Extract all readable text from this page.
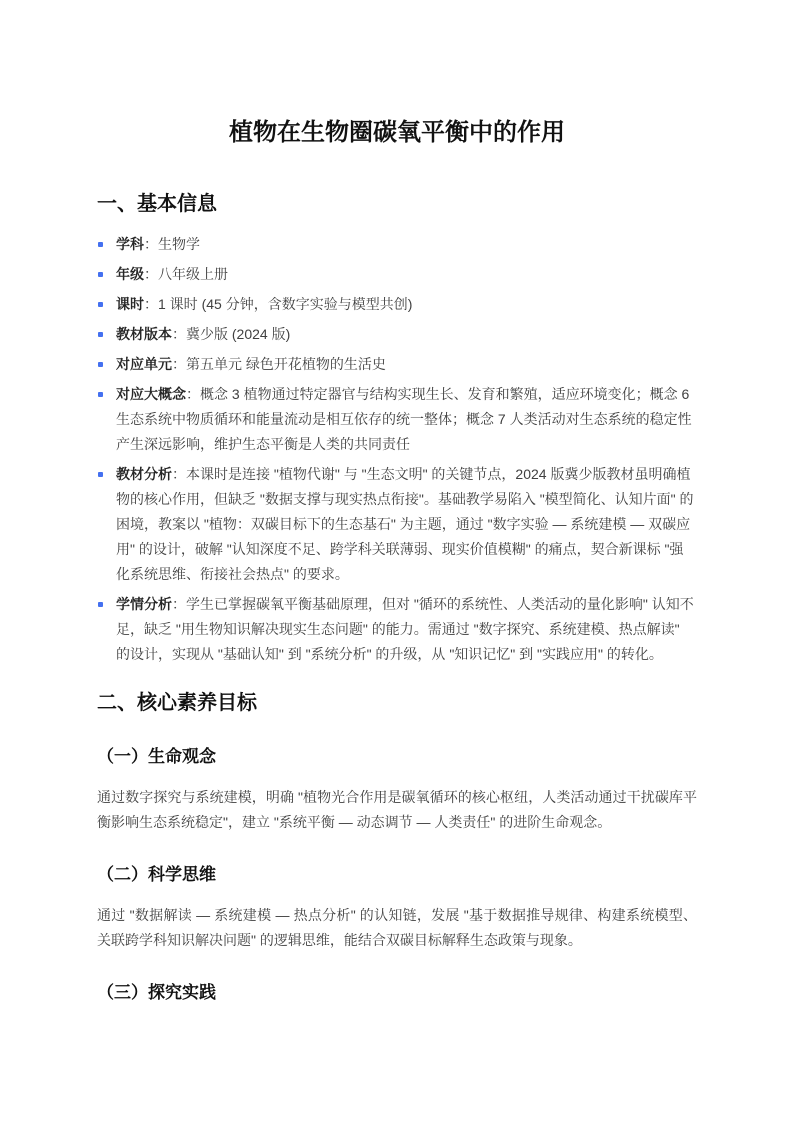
植物在生物圈碳氧平衡中的作用
一、基本信息
学科：生物学
年级：八年级上册
课时：1 课时 (45 分钟，含数字实验与模型共创)
教材版本：冀少版 (2024 版)
对应单元：第五单元 绿色开花植物的生活史
对应大概念：概念 3 植物通过特定器官与结构实现生长、发育和繁殖，适应环境变化；概念 6 生态系统中物质循环和能量流动是相互依存的统一整体；概念 7 人类活动对生态系统的稳定性产生深远影响，维护生态平衡是人类的共同责任
教材分析：本课时是连接 "植物代谢" 与 "生态文明" 的关键节点，2024 版冀少版教材虽明确植物的核心作用，但缺乏 "数据支撑与现实热点衔接"。基础教学易陷入 "模型简化、认知片面" 的困境，教案以 "植物：双碳目标下的生态基石" 为主题，通过 "数字实验 — 系统建模 — 双碳应用" 的设计，破解 "认知深度不足、跨学科关联薄弱、现实价值模糊" 的痛点，契合新课标 "强化系统思维、衔接社会热点" 的要求。
学情分析：学生已掌握碳氧平衡基础原理，但对 "循环的系统性、人类活动的量化影响" 认知不足，缺乏 "用生物知识解决现实生态问题" 的能力。需通过 "数字探究、系统建模、热点解读" 的设计，实现从 "基础认知" 到 "系统分析" 的升级，从 "知识记忆" 到 "实践应用" 的转化。
二、核心素养目标
（一）生命观念

通过数字探究与系统建模，明确 "植物光合作用是碳氧循环的核心枢纽，人类活动通过干扰碳库平衡影响生态系统稳定"，建立 "系统平衡 — 动态调节 — 人类责任" 的进阶生命观念。

（二）科学思维

通过 "数据解读 — 系统建模 — 热点分析" 的认知链，发展 "基于数据推导规律、构建系统模型、关联跨学科知识解决问题" 的逻辑思维，能结合双碳目标解释生态政策与现象。

（三）探究实践
